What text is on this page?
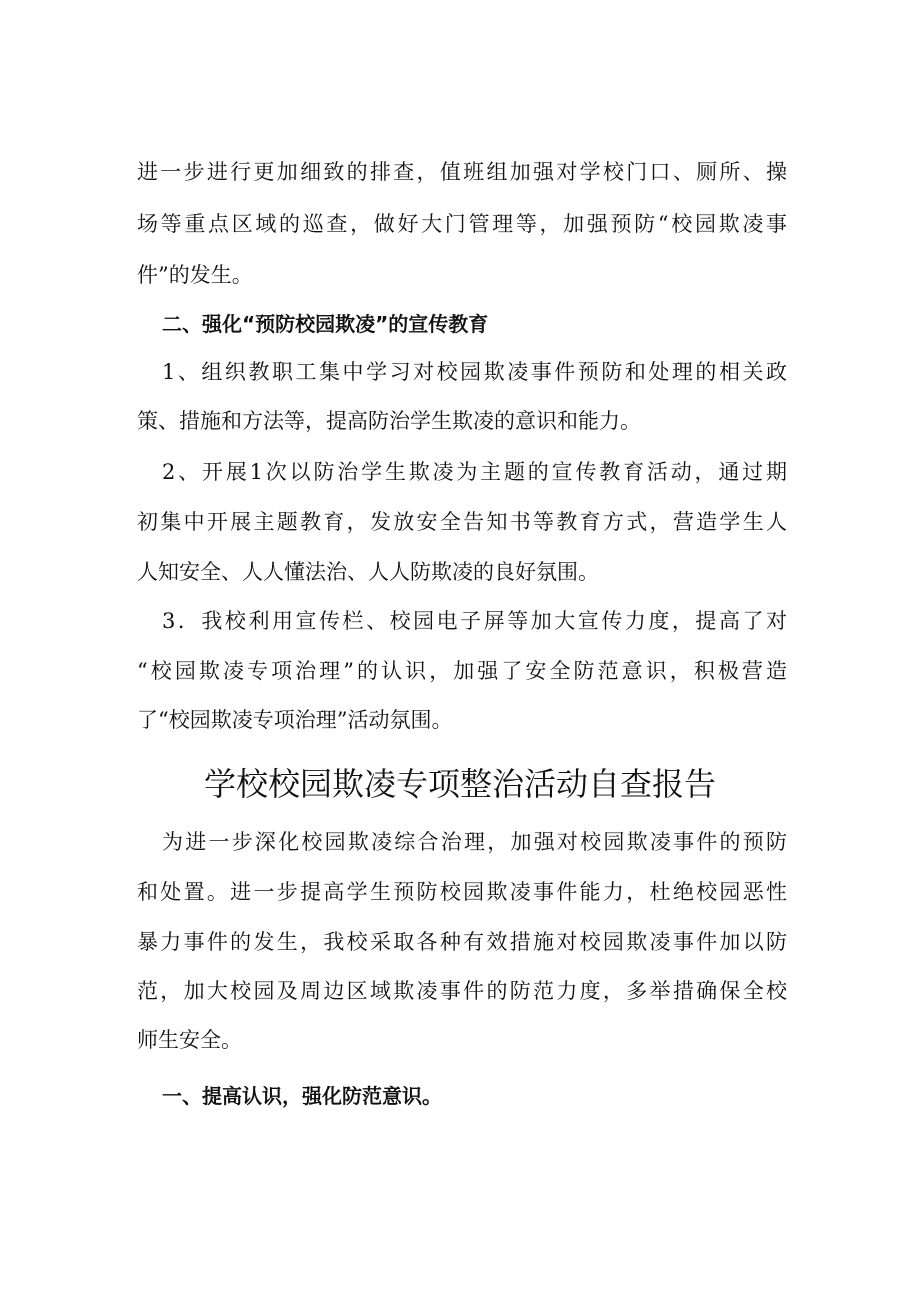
进一步进行更加细致的排查，值班组加强对学校门口、厕所、操

场等重点区域的巡查，做好大门管理等，加强预防“校园欺凌事

件”的发生。

二、强化“预防校园欺凌”的宣传教育

1、组织教职工集中学习对校园欺凌事件预防和处理的相关政

策、措施和方法等，提高防治学生欺凌的意识和能力。

2、开展1次以防治学生欺凌为主题的宣传教育活动，通过期

初集中开展主题教育，发放安全告知书等教育方式，营造学生人

人知安全、人人懂法治、人人防欺凌的良好氛围。

3．我校利用宣传栏、校园电子屏等加大宣传力度，提高了对

“校园欺凌专项治理”的认识，加强了安全防范意识，积极营造

了“校园欺凌专项治理”活动氛围。

学校校园欺凌专项整治活动自查报告

为进一步深化校园欺凌综合治理，加强对校园欺凌事件的预防

和处置。进一步提高学生预防校园欺凌事件能力，杜绝校园恶性

暴力事件的发生，我校采取各种有效措施对校园欺凌事件加以防

范，加大校园及周边区域欺凌事件的防范力度，多举措确保全校

师生安全。

一、提高认识，强化防范意识。
